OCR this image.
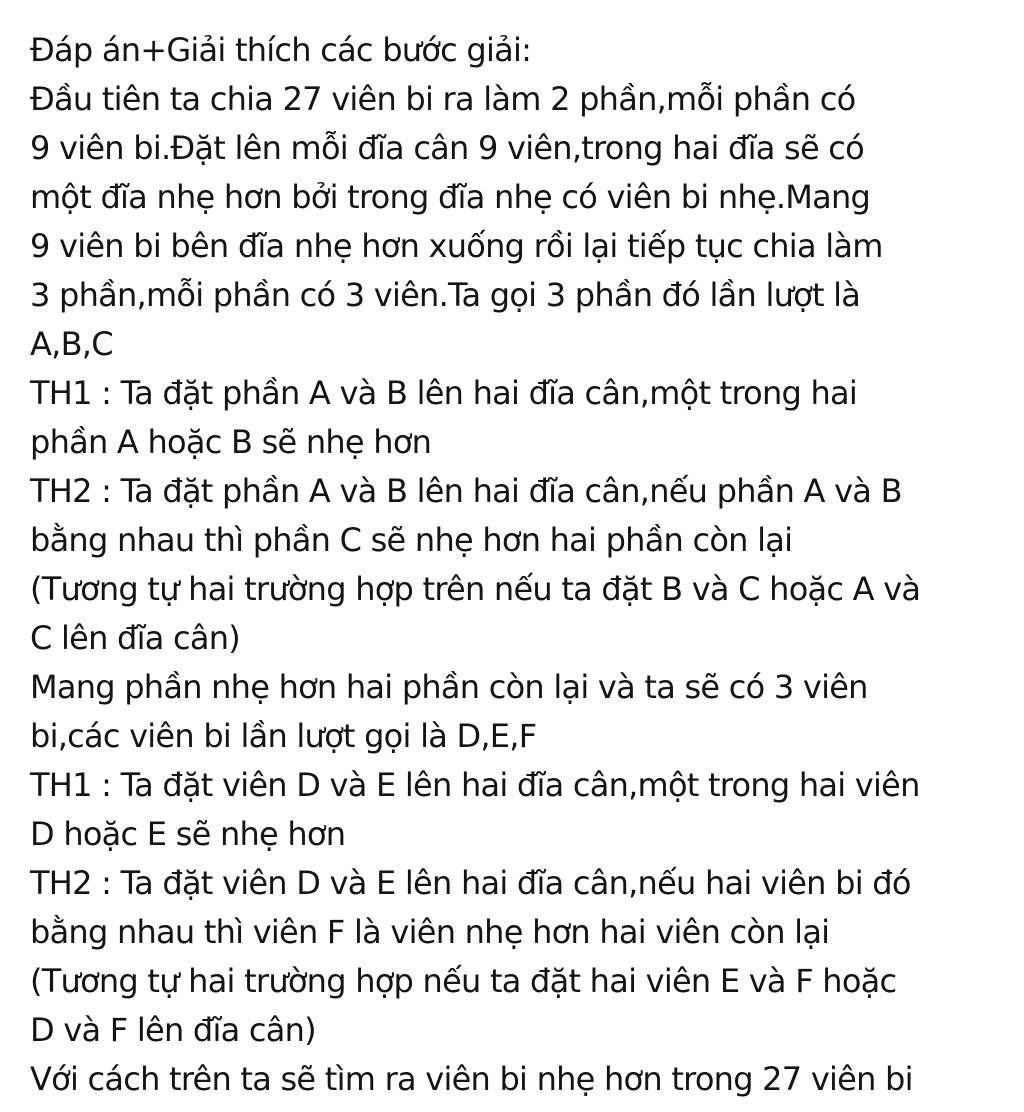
Đáp án+Giải thích các bước giải:

Đầu tiên ta chia 27 viên bi ra làm 2 phần,mỗi phần có

9 viên bi.Đặt lên mỗi đĩa cân 9 viên,trong hai đĩa sẽ có

một đĩa nhẹ hơn bởi trong đĩa nhẹ có viên bi nhẹ.Mang

9 viên bi bên đĩa nhẹ hơn xuống rồi lại tiếp tục chia làm

3 phần,mỗi phần có 3 viên.Ta gọi 3 phần đó lần lượt là

A,B,C

TH1 : Ta đặt phần A và B lên hai đĩa cân,một trong hai

phần A hoặc B sẽ nhẹ hơn

TH2 : Ta đặt phần A và B lên hai đĩa cân,nếu phần A và B

bằng nhau thì phần C sẽ nhẹ hơn hai phần còn lại

(Tương tự hai trường hợp trên nếu ta đặt B và C hoặc A và

C lên đĩa cân)

Mang phần nhẹ hơn hai phần còn lại và ta sẽ có 3 viên

bi,các viên bi lần lượt gọi là D,E,F

TH1 : Ta đặt viên D và E lên hai đĩa cân,một trong hai viên

D hoặc E sẽ nhẹ hơn

TH2 : Ta đặt viên D và E lên hai đĩa cân,nếu hai viên bi đó

bằng nhau thì viên F là viên nhẹ hơn hai viên còn lại

(Tương tự hai trường hợp nếu ta đặt hai viên E và F hoặc

D và F lên đĩa cân)

Với cách trên ta sẽ tìm ra viên bi nhẹ hơn trong 27 viên bi
